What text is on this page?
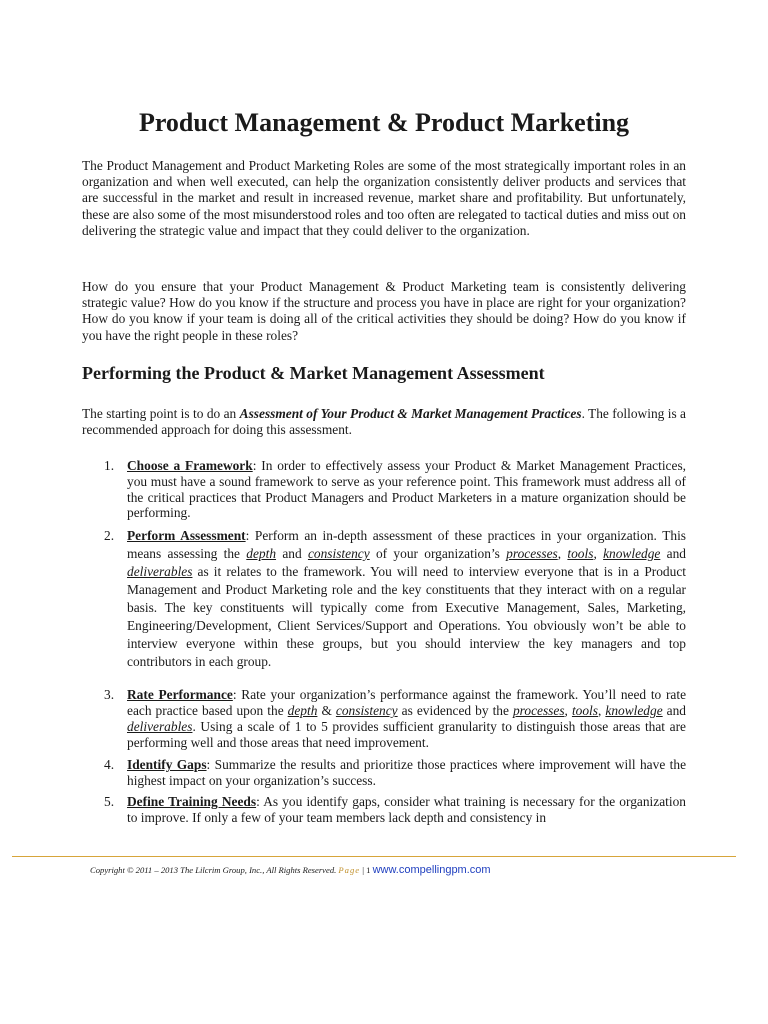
Product Management & Product Marketing

The Product Management and Product Marketing Roles are some of the most strategically important roles in an organization and when well executed, can help the organization consistently deliver products and services that are successful in the market and result in increased revenue, market share and profitability. But unfortunately, these are also some of the most misunderstood roles and too often are relegated to tactical duties and miss out on delivering the strategic value and impact that they could deliver to the organization.

How do you ensure that your Product Management & Product Marketing team is consistently delivering strategic value? How do you know if the structure and process you have in place are right for your organization? How do you know if your team is doing all of the critical activities they should be doing? How do you know if you have the right people in these roles?

Performing the Product & Market Management Assessment

The starting point is to do an Assessment of Your Product & Market Management Practices. The following is a recommended approach for doing this assessment.

1. Choose a Framework: In order to effectively assess your Product & Market Management Practices, you must have a sound framework to serve as your reference point. This framework must address all of the critical practices that Product Managers and Product Marketers in a mature organization should be performing.
2. Perform Assessment: Perform an in-depth assessment of these practices in your organization. This means assessing the depth and consistency of your organization’s processes, tools, knowledge and deliverables as it relates to the framework. You will need to interview everyone that is in a Product Management and Product Marketing role and the key constituents that they interact with on a regular basis. The key constituents will typically come from Executive Management, Sales, Marketing, Engineering/Development, Client Services/Support and Operations. You obviously won’t be able to interview everyone within these groups, but you should interview the key managers and top contributors in each group.
3. Rate Performance: Rate your organization’s performance against the framework. You’ll need to rate each practice based upon the depth & consistency as evidenced by the processes, tools, knowledge and deliverables. Using a scale of 1 to 5 provides sufficient granularity to distinguish those areas that are performing well and those areas that need improvement.
4. Identify Gaps: Summarize the results and prioritize those practices where improvement will have the highest impact on your organization’s success.
5. Define Training Needs: As you identify gaps, consider what training is necessary for the organization to improve. If only a few of your team members lack depth and consistency in
Copyright © 2011 – 2013 The Lilcrim Group, Inc., All Rights Reserved. Page | 1 www.compellingpm.com
